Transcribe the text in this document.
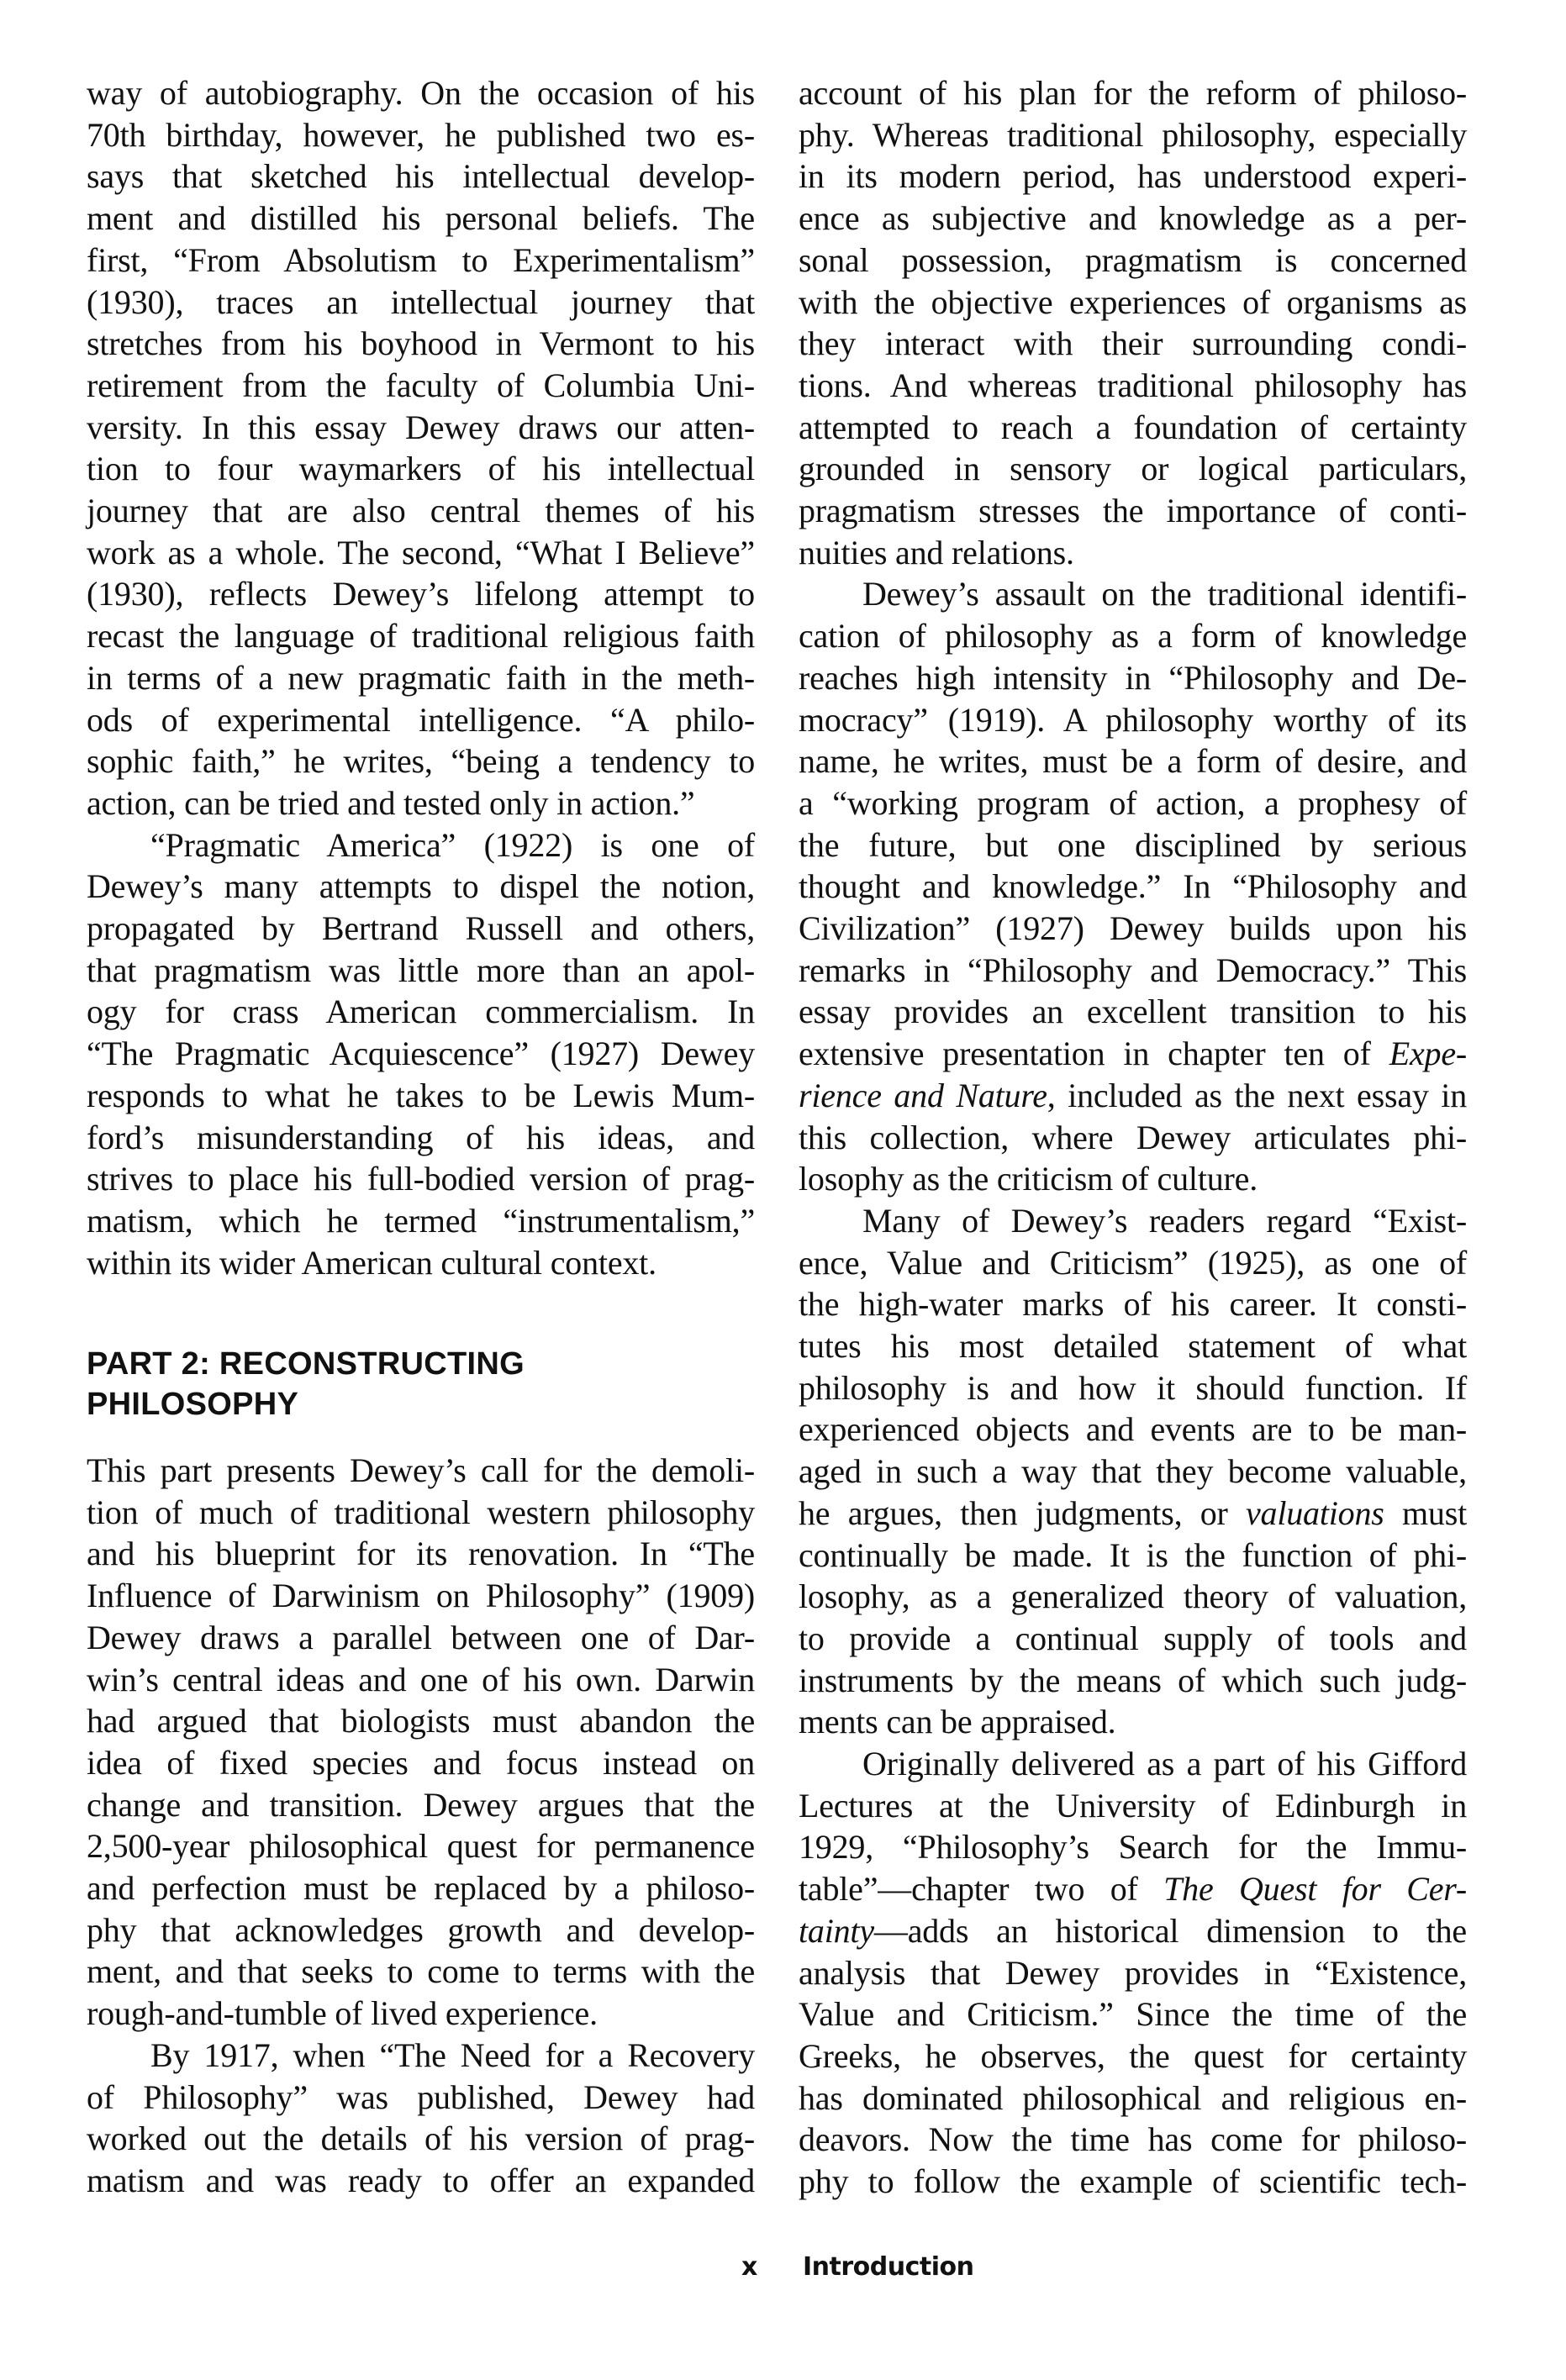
way of autobiography. On the occasion of his
70th birthday, however, he published two es-
says that sketched his intellectual develop-
ment and distilled his personal beliefs. The
first, “From Absolutism to Experimentalism”
(1930), traces an intellectual journey that
stretches from his boyhood in Vermont to his
retirement from the faculty of Columbia Uni-
versity. In this essay Dewey draws our atten-
tion to four waymarkers of his intellectual
journey that are also central themes of his
work as a whole. The second, “What I Believe”
(1930), reflects Dewey’s lifelong attempt to
recast the language of traditional religious faith
in terms of a new pragmatic faith in the meth-
ods of experimental intelligence. “A philo-
sophic faith,” he writes, “being a tendency to
action, can be tried and tested only in action.”
“Pragmatic America” (1922) is one of
Dewey’s many attempts to dispel the notion,
propagated by Bertrand Russell and others,
that pragmatism was little more than an apol-
ogy for crass American commercialism. In
“The Pragmatic Acquiescence” (1927) Dewey
responds to what he takes to be Lewis Mum-
ford’s misunderstanding of his ideas, and
strives to place his full-bodied version of prag-
matism, which he termed “instrumentalism,”
within its wider American cultural context.
PART 2: RECONSTRUCTING
PHILOSOPHY
This part presents Dewey’s call for the demoli-
tion of much of traditional western philosophy
and his blueprint for its renovation. In “The
Influence of Darwinism on Philosophy” (1909)
Dewey draws a parallel between one of Dar-
win’s central ideas and one of his own. Darwin
had argued that biologists must abandon the
idea of fixed species and focus instead on
change and transition. Dewey argues that the
2,500-year philosophical quest for permanence
and perfection must be replaced by a philoso-
phy that acknowledges growth and develop-
ment, and that seeks to come to terms with the
rough-and-tumble of lived experience.
By 1917, when “The Need for a Recovery
of Philosophy” was published, Dewey had
worked out the details of his version of prag-
matism and was ready to offer an expanded
account of his plan for the reform of philoso-
phy. Whereas traditional philosophy, especially
in its modern period, has understood experi-
ence as subjective and knowledge as a per-
sonal possession, pragmatism is concerned
with the objective experiences of organisms as
they interact with their surrounding condi-
tions. And whereas traditional philosophy has
attempted to reach a foundation of certainty
grounded in sensory or logical particulars,
pragmatism stresses the importance of conti-
nuities and relations.
Dewey’s assault on the traditional identifi-
cation of philosophy as a form of knowledge
reaches high intensity in “Philosophy and De-
mocracy” (1919). A philosophy worthy of its
name, he writes, must be a form of desire, and
a “working program of action, a prophesy of
the future, but one disciplined by serious
thought and knowledge.” In “Philosophy and
Civilization” (1927) Dewey builds upon his
remarks in “Philosophy and Democracy.” This
essay provides an excellent transition to his
extensive presentation in chapter ten of Expe-
rience and Nature, included as the next essay in
this collection, where Dewey articulates phi-
losophy as the criticism of culture.
Many of Dewey’s readers regard “Exist-
ence, Value and Criticism” (1925), as one of
the high-water marks of his career. It consti-
tutes his most detailed statement of what
philosophy is and how it should function. If
experienced objects and events are to be man-
aged in such a way that they become valuable,
he argues, then judgments, or valuations must
continually be made. It is the function of phi-
losophy, as a generalized theory of valuation,
to provide a continual supply of tools and
instruments by the means of which such judg-
ments can be appraised.
Originally delivered as a part of his Gifford
Lectures at the University of Edinburgh in
1929, “Philosophy’s Search for the Immu-
table”—chapter two of The Quest for Cer-
tainty—adds an historical dimension to the
analysis that Dewey provides in “Existence,
Value and Criticism.” Since the time of the
Greeks, he observes, the quest for certainty
has dominated philosophical and religious en-
deavors. Now the time has come for philoso-
phy to follow the example of scientific tech-
x Introduction
